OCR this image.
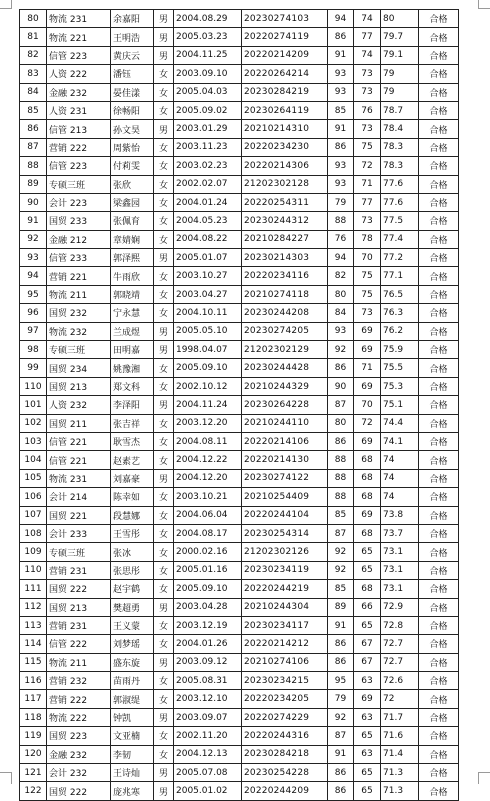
80	物流 231	余嘉阳	男	2004.08.29	20230274103	94	74	80	合格
81	物流 221	王明浩	男	2005.03.23	20220274119	86	77	79.7	合格
82	信管 223	黄庆云	男	2004.11.25	20220214209	91	74	79.1	合格
83	人资 222	潘钰	女	2003.09.10	20220264214	93	73	79	合格
84	金融 232	晏佳漾	女	2005.04.03	20230284219	93	73	79	合格
85	人资 231	徐畅阳	女	2005.09.02	20230264119	85	76	78.7	合格
86	信管 213	孙文昊	男	2003.01.29	20210214310	91	73	78.4	合格
87	营销 222	周紫怡	女	2003.11.23	20220234230	86	75	78.3	合格
88	信管 223	付莉雯	女	2003.02.23	20220214306	93	72	78.3	合格
89	专硕三班	张欣	女	2002.02.07	21202302128	93	71	77.6	合格
90	会计 223	梁鑫园	女	2004.01.24	20220254311	79	77	77.6	合格
91	国贸 233	张佩育	女	2004.05.23	20230244312	88	73	77.5	合格
92	金融 212	章婧娴	女	2004.08.22	20210284227	76	78	77.4	合格
93	信管 233	郭泽熙	男	2005.01.07	20230214303	94	70	77.2	合格
94	营销 221	牛雨欣	女	2003.10.27	20220234116	82	75	77.1	合格
95	物流 211	郭晓靖	女	2003.04.27	20210274118	80	75	76.5	合格
96	国贸 232	宁永慧	女	2004.10.11	20230244208	84	73	76.3	合格
97	物流 232	兰成煜	男	2005.05.10	20230274205	93	69	76.2	合格
98	专硕三班	田明嘉	男	1998.04.07	21202302129	92	69	75.9	合格
99	国贸 234	姚豫湘	女	2005.09.10	20230244428	86	71	75.5	合格
110	国贸 213	郑文科	女	2002.10.12	20210244329	90	69	75.3	合格
101	人资 232	李泽阳	男	2004.11.24	20230264228	87	70	75.1	合格
102	国贸 211	张吉祥	女	2003.12.20	20210244110	80	72	74.4	合格
103	信管 221	耿雪杰	女	2004.08.11	20220214106	86	69	74.1	合格
104	信管 221	赵素艺	女	2004.12.22	20220214130	88	68	74	合格
105	物流 231	刘嘉豪	男	2004.12.20	20230274122	88	68	74	合格
106	会计 214	陈幸如	女	2003.10.21	20210254409	88	68	74	合格
107	国贸 221	段慧娜	女	2004.06.04	20220244104	85	69	73.8	合格
108	会计 233	王雪彤	女	2004.08.17	20230254314	87	68	73.7	合格
109	专硕三班	张冰	女	2000.02.16	21202302126	92	65	73.1	合格
110	营销 231	张思彤	女	2005.01.16	20230234119	92	65	73.1	合格
111	国贸 222	赵宇鹤	女	2005.09.10	20220244219	85	68	73.1	合格
112	国贸 213	樊超勇	男	2003.04.28	20210244304	89	66	72.9	合格
113	营销 231	王义蒙	女	2003.12.19	20230234117	91	65	72.8	合格
114	信管 222	刘梦瑶	女	2004.01.26	20220214212	86	67	72.7	合格
115	物流 211	盛东旋	男	2003.09.12	20210274106	86	67	72.7	合格
116	营销 232	苗雨丹	女	2005.08.31	20230234215	95	63	72.6	合格
117	营销 222	郭淑缇	女	2003.12.10	20220234205	79	69	72	合格
118	物流 222	钟凯	男	2003.09.07	20220274229	92	63	71.7	合格
119	国贸 223	文亚楠	女	2002.11.20	20220244316	87	65	71.6	合格
120	金融 232	李韧	女	2004.12.13	20230284218	91	63	71.4	合格
121	会计 232	王诗灿	男	2005.07.08	20230254228	86	65	71.3	合格
122	国贸 222	庞兆寒	男	2005.01.02	20220244209	86	65	71.3	合格
